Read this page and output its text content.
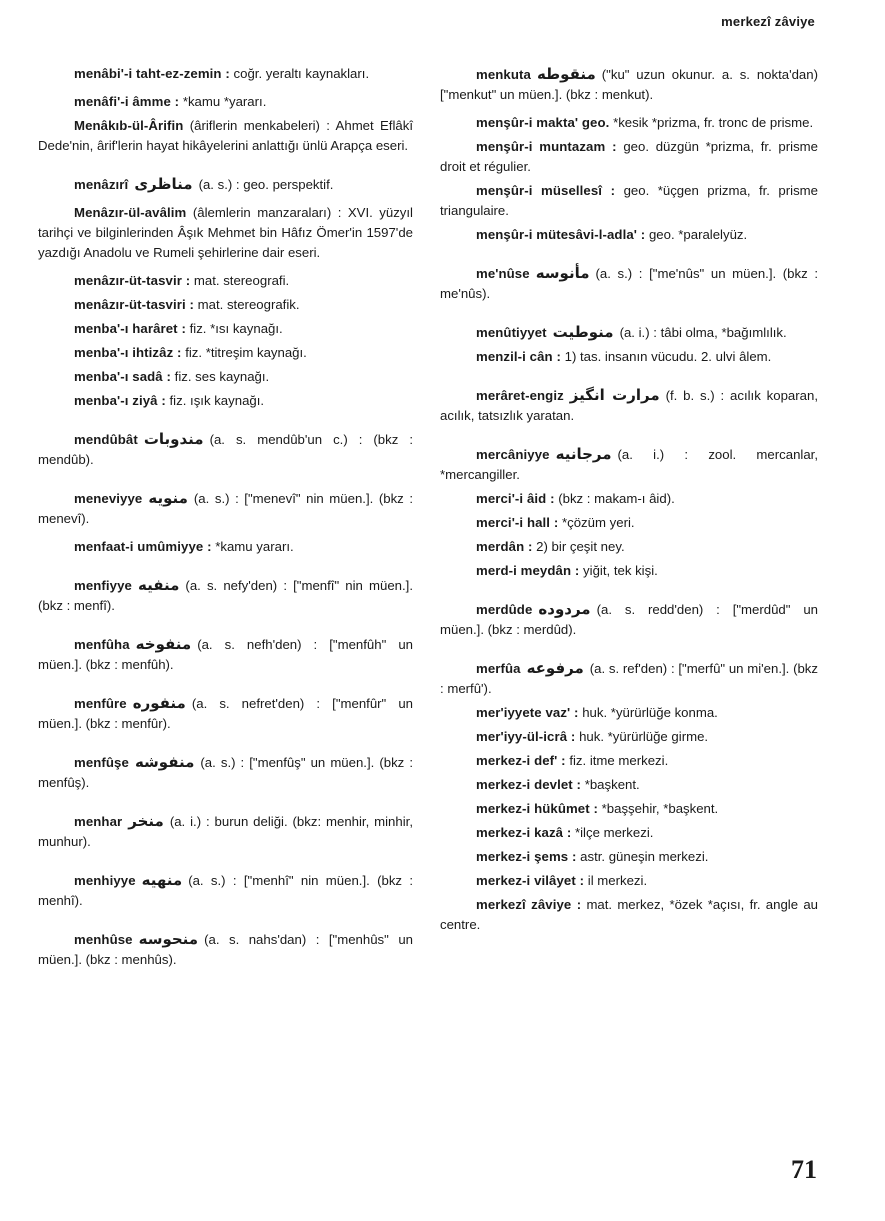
merkezî zâviye

menâbi'-i taht-ez-zemin : coğr. yeraltı kaynakları.

menâfi'-i âmme : *kamu *yararı.

Menâkıb-ül-Ârifin (âriflerin menkabeleri) : Ahmet Eflâkî Dede'nin, ârif'lerin hayat hikâyelerini anlattığı ünlü Arapça eseri.

menâzırî مناظری (a. s.) : geo. perspektif.

Menâzır-ül-avâlim (âlemlerin manzaraları) : XVI. yüzyıl tarihçi ve bilginlerinden Âşık Mehmet bin Hâfız Ömer'in 1597'de yazdığı Anadolu ve Rumeli şehirlerine dair eseri.

menâzır-üt-tasvir : mat. stereografi.

menâzır-üt-tasviri : mat. stereografik.

menba'-ı harâret : fiz. *ısı kaynağı.

menba'-ı ihtizâz : fiz. *titreşim kaynağı.

menba'-ı sadâ : fiz. ses kaynağı.

menba'-ı ziyâ : fiz. ışık kaynağı.

mendûbât مندوبات (a. s. mendûb'un c.) : (bkz : mendûb).

meneviyye منویه (a. s.) : ["menevî" nin müen.]. (bkz : menevî).

menfaat-i umûmiyye : *kamu yararı.

menfiyye منفیه (a. s. nefy'den) : ["menfî" nin müen.]. (bkz : menfî).

menfûha منفوخه (a. s. nefh'den) : ["menfûh" un müen.]. (bkz : menfûh).

menfûre منفوره (a. s. nefret'den) : ["menfûr" un müen.]. (bkz : menfûr).

menfûşe منفوشه (a. s.) : ["menfûş" un müen.]. (bkz : menfûş).

menhar منخر (a. i.) : burun deliği. (bkz: menhir, minhir, munhur).

menhiyye منهیه (a. s.) : ["menhî" nin müen.]. (bkz : menhî).

menhûse منحوسه (a. s. nahs'dan) : ["menhûs" un müen.]. (bkz : menhûs).

menkuta منقوطه ("ku" uzun okunur. a. s. nokta'dan) ["menkut" un müen.]. (bkz : menkut).

menşûr-i makta' geo. *kesik *prizma, fr. tronc de prisme.

menşûr-i muntazam : geo. düzgün *prizma, fr. prisme droit et régulier.

menşûr-i müsellesî : geo. *üçgen prizma, fr. prisme triangulaire.

menşûr-i mütesâvi-l-adla' : geo. *paralelyüz.

me'nûse مأنوسه (a. s.) : ["me'nûs" un müen.]. (bkz : me'nûs).

menûtiyyet منوطیت (a. i.) : tâbi olma, *bağımlılık.

menzil-i cân : 1) tas. insanın vücudu. 2. ulvi âlem.

merâret-engiz مرارت انگیز (f. b. s.) : acılık koparan, acılık, tatsızlık yaratan.

mercâniyye مرجانیه (a. i.) : zool. mercanlar, *mercangiller.

merci'-i âid : (bkz : makam-ı âid).

merci'-i hall : *çözüm yeri.

merdân : 2) bir çeşit ney.

merd-i meydân : yiğit, tek kişi.

merdûde مردوده (a. s. redd'den) : ["merdûd" un müen.]. (bkz : merdûd).

merfûa مرفوعه (a. s. ref'den) : ["merfû" un mi'en.]. (bkz : merfû').

mer'iyyete vaz' : huk. *yürürlüğe konma.

mer'iyy-ül-icrâ : huk. *yürürlüğe girme.

merkez-i def' : fiz. itme merkezi.

merkez-i devlet : *başkent.

merkez-i hükûmet : *başşehir, *başkent.

merkez-i kazâ : *ilçe merkezi.

merkez-i şems : astr. güneşin merkezi.

merkez-i vilâyet : il merkezi.

merkezî zâviye : mat. merkez, *özek *açısı, fr. angle au centre.

71
